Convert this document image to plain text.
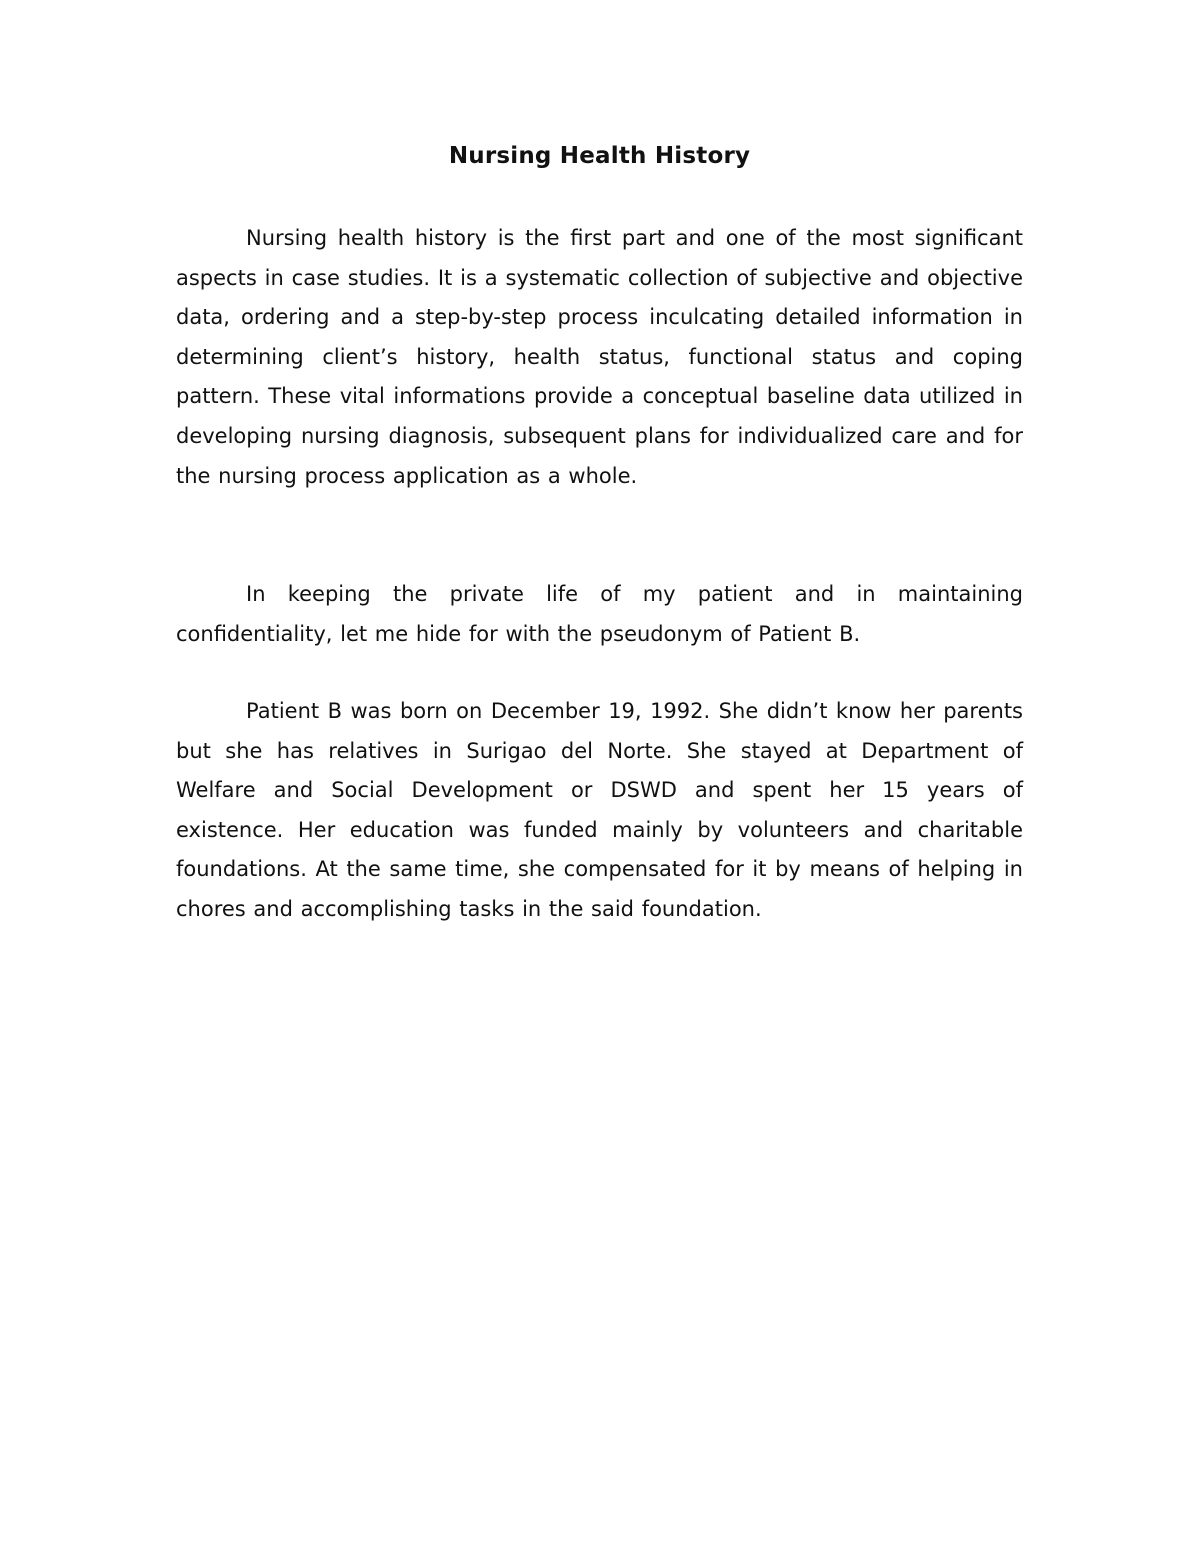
Nursing Health History

Nursing health history is the first part and one of the most significant aspects in case studies. It is a systematic collection of subjective and objective data, ordering and a step-by-step process inculcating detailed information in determining client’s history, health status, functional status and coping pattern. These vital informations provide a conceptual baseline data utilized in developing nursing diagnosis, subsequent plans for individualized care and for the nursing process application as a whole.

In keeping the private life of my patient and in maintaining confidentiality, let me hide for with the pseudonym of Patient B.

Patient B was born on December 19, 1992. She didn’t know her parents but she has relatives in Surigao del Norte. She stayed at Department of Welfare and Social Development or DSWD and spent her 15 years of existence. Her education was funded mainly by volunteers and charitable foundations. At the same time, she compensated for it by means of helping in chores and accomplishing tasks in the said foundation.
